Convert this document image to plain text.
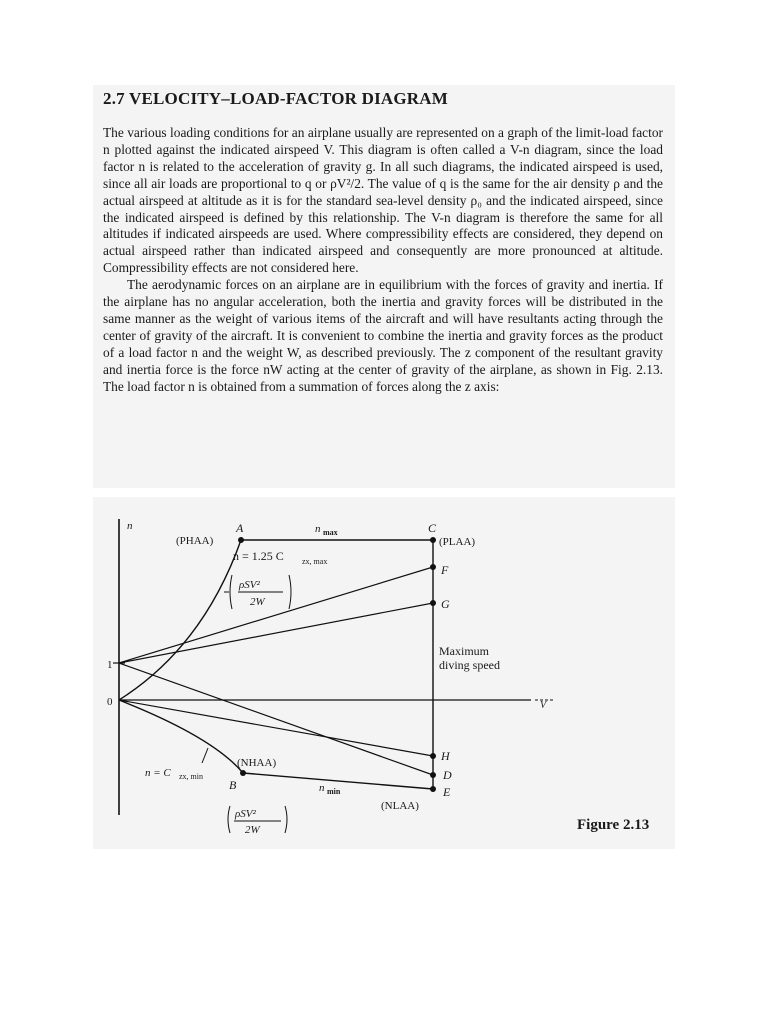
2.7 VELOCITY–LOAD-FACTOR DIAGRAM

The various loading conditions for an airplane usually are represented on a graph of the limit-load factor n plotted against the indicated airspeed V. This diagram is often called a V-n diagram, since the load factor n is related to the acceleration of gravity g. In all such diagrams, the indicated airspeed is used, since all air loads are proportional to q or ρV²/2. The value of q is the same for the air density ρ and the actual airspeed at altitude as it is for the standard sea-level density ρ₀ and the indicated airspeed, since the indicated airspeed is defined by this relationship. The V-n diagram is therefore the same for all altitudes if indicated airspeeds are used. Where compressibility effects are considered, they depend on actual airspeed rather than indicated airspeed and consequently are more pronounced at altitude. Compressibility effects are not considered here.

The aerodynamic forces on an airplane are in equilibrium with the forces of gravity and inertia. If the airplane has no angular acceleration, both the inertia and gravity forces will be distributed in the same manner as the weight of various items of the aircraft and will have resultants acting through the center of gravity of the aircraft. It is convenient to combine the inertia and gravity forces as the product of a load factor n and the weight W, as described previously. The z component of the resultant gravity and inertia force is the force nW acting at the center of gravity of the airplane, as shown in Fig. 2.13. The load factor n is obtained from a summation of forces along the z axis:

n
V
1
0
A
(PHAA)
C
(PLAA)
F
G
H
D
E
B
(NHAA)
(NLAA)
n max
n min
n = 1.25 C zx, max
ρSV²
2W
n = C zx, min
ρSV²
2W
Maximum
diving speed
Figure 2.13
